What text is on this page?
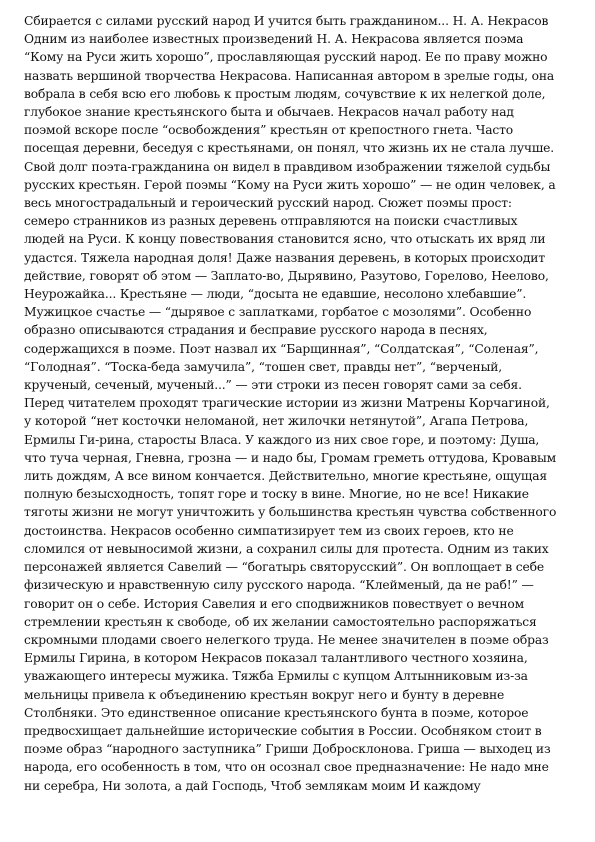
Сбирается с силами русский народ И учится быть гражданином... Н. А. Некрасов
Одним из наиболее известных произведений Н. А. Некрасова является поэма
“Кому на Руси жить хорошо”, прославляющая русский народ. Ее по праву можно
назвать вершиной творчества Некрасова. Написанная автором в зрелые годы, она
вобрала в себя всю его любовь к простым людям, сочувствие к их нелегкой доле,
глубокое знание крестьянского быта и обычаев. Некрасов начал работу над
поэмой вскоре после “освобождения” крестьян от крепостного гнета. Часто
посещая деревни, беседуя с крестьянами, он понял, что жизнь их не стала лучше.
Свой долг поэта-гражданина он видел в правдивом изображении тяжелой судьбы
русских крестьян. Герой поэмы “Кому на Руси жить хорошо” — не один человек, а
весь многострадальный и героический русский народ. Сюжет поэмы прост:
семеро странников из разных деревень отправляются на поиски счастливых
людей на Руси. К концу повествования становится ясно, что отыскать их вряд ли
удастся. Тяжела народная доля! Даже названия деревень, в которых происходит
действие, говорят об этом — Заплато-во, Дырявино, Разутово, Горелово, Неелово,
Неурожайка... Крестьяне — люди, “досыта не едавшие, несолоно хлебавшие”.
Мужицкое счастье — “дырявое с заплатками, горбатое с мозолями”. Особенно
образно описываются страдания и бесправие русского народа в песнях,
содержащихся в поэме. Поэт назвал их “Барщинная”, “Солдатская”, “Соленая”,
“Голодная”. “Тоска-беда замучила”, “тошен свет, правды нет”, “верченый,
крученый, сеченый, мученый...” — эти строки из песен говорят сами за себя.
Перед читателем проходят трагические истории из жизни Матрены Корчагиной,
у которой “нет косточки неломаной, нет жилочки нетянутой”, Агапа Петрова,
Ермилы Ги-рина, старосты Власа. У каждого из них свое горе, и поэтому: Душа,
что туча черная, Гневна, грозна — и надо бы, Громам греметь оттудова, Кровавым
лить дождям, А все вином кончается. Действительно, многие крестьяне, ощущая
полную безысходность, топят горе и тоску в вине. Многие, но не все! Никакие
тяготы жизни не могут уничтожить у большинства крестьян чувства собственного
достоинства. Некрасов особенно симпатизирует тем из своих героев, кто не
сломился от невыносимой жизни, а сохранил силы для протеста. Одним из таких
персонажей является Савелий — “богатырь святорусский”. Он воплощает в себе
физическую и нравственную силу русского народа. “Клейменый, да не раб!” —
говорит он о себе. История Савелия и его сподвижников повествует о вечном
стремлении крестьян к свободе, об их желании самостоятельно распоряжаться
скромными плодами своего нелегкого труда. Не менее значителен в поэме образ
Ермилы Гирина, в котором Некрасов показал талантливого честного хозяина,
уважающего интересы мужика. Тяжба Ермилы с купцом Алтынниковым из-за
мельницы привела к объединению крестьян вокруг него и бунту в деревне
Столбняки. Это единственное описание крестьянского бунта в поэме, которое
предвосхищает дальнейшие исторические события в России. Особняком стоит в
поэме образ “народного заступника” Гриши Добросклонова. Гриша — выходец из
народа, его особенность в том, что он осознал свое предназначение: Не надо мне
ни серебра, Ни золота, а дай Господь, Чтоб землякам моим И каждому
